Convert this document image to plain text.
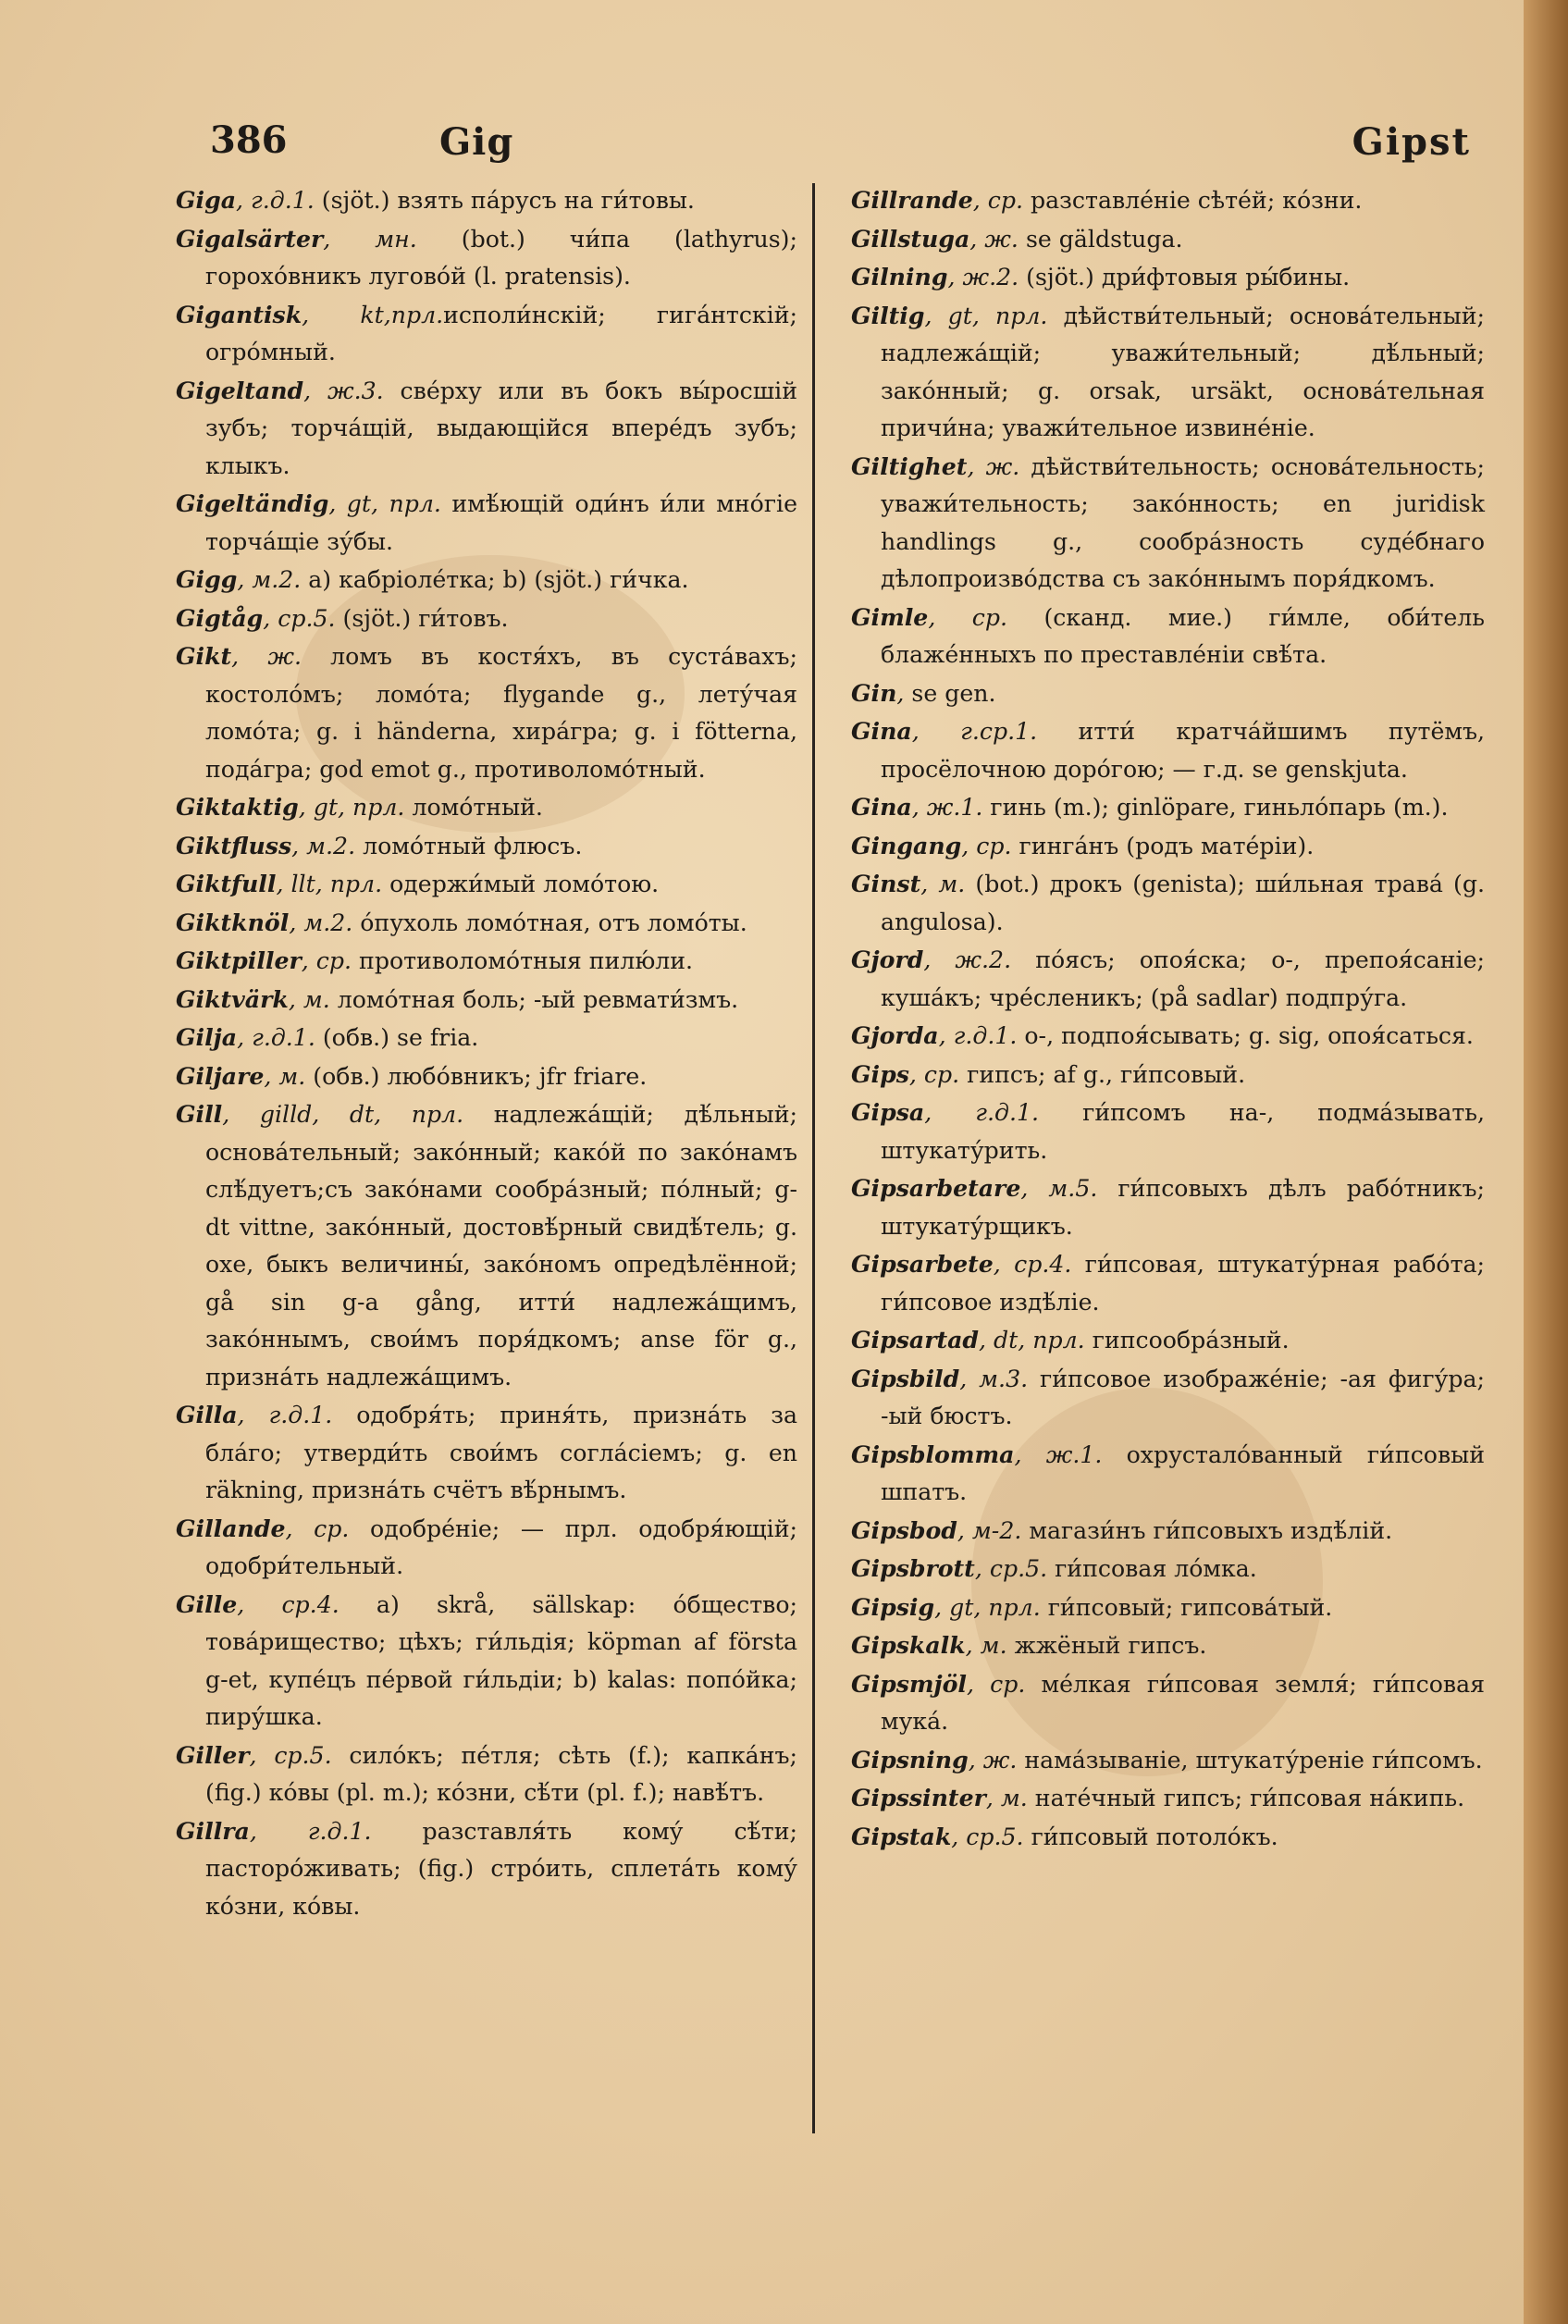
386	Gig	Gipst

Giga, г.д.1. (sjöt.) взять па́русъ на ги́товы.

Gigalsärter, мн. (bot.) чи́па (lathyrus); горохо́вникъ лугово́й (l. pratensis).

Gigantisk, kt,прл.исполи́нскій; гига́нтскій; огро́мный.

Gigeltand, ж.3. све́рху или въ бокъ вы́росшій зубъ; торча́щій, выдающійся впере́дъ зубъ; клыкъ.

Gigeltändig, gt, прл. имѣ́ющій оди́нъ и́ли мно́гіе торча́щіе зу́бы.

Gigg, м.2. a) кабріоле́тка; b) (sjöt.) ги́чка.

Gigtåg, ср.5. (sjöt.) ги́товъ.

Gikt, ж. ломъ въ костя́хъ, въ суста́вахъ; костоло́мъ; ломо́та; flygande g., лету́чая ломо́та; g. i händerna, хира́гра; g. i fötterna, пода́гра; god emot g., противоломо́тный.

Giktaktig, gt, прл. ломо́тный.

Giktfluss, м.2. ломо́тный флюсъ.

Giktfull, llt, прл. одержи́мый ломо́тою.

Giktknöl, м.2. о́пухоль ломо́тная, отъ ломо́ты.

Giktpiller, ср. противоломо́тныя пилю́ли.

Giktvärk, м. ломо́тная боль; -ый ревмати́змъ.

Gilja, г.д.1. (обв.) se fria.

Giljare, м. (обв.) любо́вникъ; jfr friare.

Gill, gilld, dt, прл. надлежа́щій; дѣ́льный; основа́тельный; зако́нный; како́й по зако́намъ слѣ́дуетъ;съ зако́нами сообра́зный; по́лный; g-dt vittne, зако́нный, достовѣ́рный свидѣ́тель; g. oxe, быкъ величины́, зако́номъ опредѣлённой; gå sin g-a gång, итти́ надлежа́щимъ, зако́ннымъ, свои́мъ поря́дкомъ; anse för g., призна́ть надлежа́щимъ.

Gilla, г.д.1. одобря́ть; приня́ть, призна́ть за бла́го; утверди́ть свои́мъ согла́сіемъ; g. en räkning, призна́ть счётъ вѣ́рнымъ.

Gillande, ср. одобре́ніе; — прл. одобря́ющій; одобри́тельный.

Gille, ср.4. a) skrå, sällskap: о́бщество; това́рищество; цѣхъ; ги́льдія; köpman af första g-et, купе́цъ пе́рвой ги́льдіи; b) kalas: попо́йка; пиру́шка.

Giller, ср.5. сило́къ; пе́тля; сѣть (f.); капка́нъ; (fig.) ко́вы (pl. m.); ко́зни, сѣ́ти (pl. f.); навѣ́тъ.

Gillra, г.д.1. разставля́ть кому́ сѣ́ти; пасторо́живать; (fig.) стро́ить, сплета́ть кому́ ко́зни, ко́вы.

Gillrande, ср. разставле́ніе сѣте́й; ко́зни.

Gillstuga, ж. se gäldstuga.

Gilning, ж.2. (sjöt.) дри́фтовыя ры́бины.

Giltig, gt, прл. дѣйстви́тельный; основа́тельный; надлежа́щій; уважи́тельный; дѣ́льный; зако́нный; g. orsak, ursäkt, основа́тельная причи́на; уважи́тельное извине́ніе.

Giltighet, ж. дѣйстви́тельность; основа́тельность; уважи́тельность; зако́нность; en juridisk handlings g., сообра́зность суде́бнаго дѣлопроизво́дства съ зако́ннымъ поря́дкомъ.

Gimle, ср. (сканд. мие.) ги́мле, оби́тель блаже́нныхъ по преставле́ніи свѣ́та.

Gin, se gen.

Gina, г.ср.1. итти́ кратча́йшимъ путёмъ, просёлочною доро́гою; — г.д. se genskjuta.

Gina, ж.1. гинь (m.); ginlöpare, гиньло́парь (m.).

Gingang, ср. гинга́нъ (родъ мате́ріи).

Ginst, м. (bot.) дрокъ (genista); ши́льная трава́ (g. angulosa).

Gjord, ж.2. по́ясъ; опоя́ска; о-, препоя́саніе; куша́къ; чре́сленикъ; (på sadlar) подпру́га.

Gjorda, г.д.1. о-, подпоя́сывать; g. sig, опоя́саться.

Gips, ср. гипсъ; af g., ги́псовый.

Gipsa, г.д.1. ги́псомъ на-, подма́зывать, штукату́рить.

Gipsarbetare, м.5. ги́псовыхъ дѣлъ рабо́тникъ; штукату́рщикъ.

Gipsarbete, ср.4. ги́псовая, штукату́рная рабо́та; ги́псовое издѣ́ліе.

Gipsartad, dt, прл. гипсообра́зный.

Gipsbild, м.3. ги́псовое изображе́ніе; -ая фигу́ра; -ый бюстъ.

Gipsblomma, ж.1. охрустало́ванный ги́псовый шпатъ.

Gipsbod, м-2. магази́нъ ги́псовыхъ издѣ́лій.

Gipsbrott, ср.5. ги́псовая ло́мка.

Gipsig, gt, прл. ги́псовый; гипсова́тый.

Gipskalk, м. жжёный гипсъ.

Gipsmjöl, ср. ме́лкая ги́псовая земля́; ги́псовая мука́.

Gipsning, ж. нама́зываніе, штукату́реніе ги́псомъ.

Gipssinter, м. нате́чный гипсъ; ги́псовая на́кипь.

Gipstak, ср.5. ги́псовый потоло́къ.
